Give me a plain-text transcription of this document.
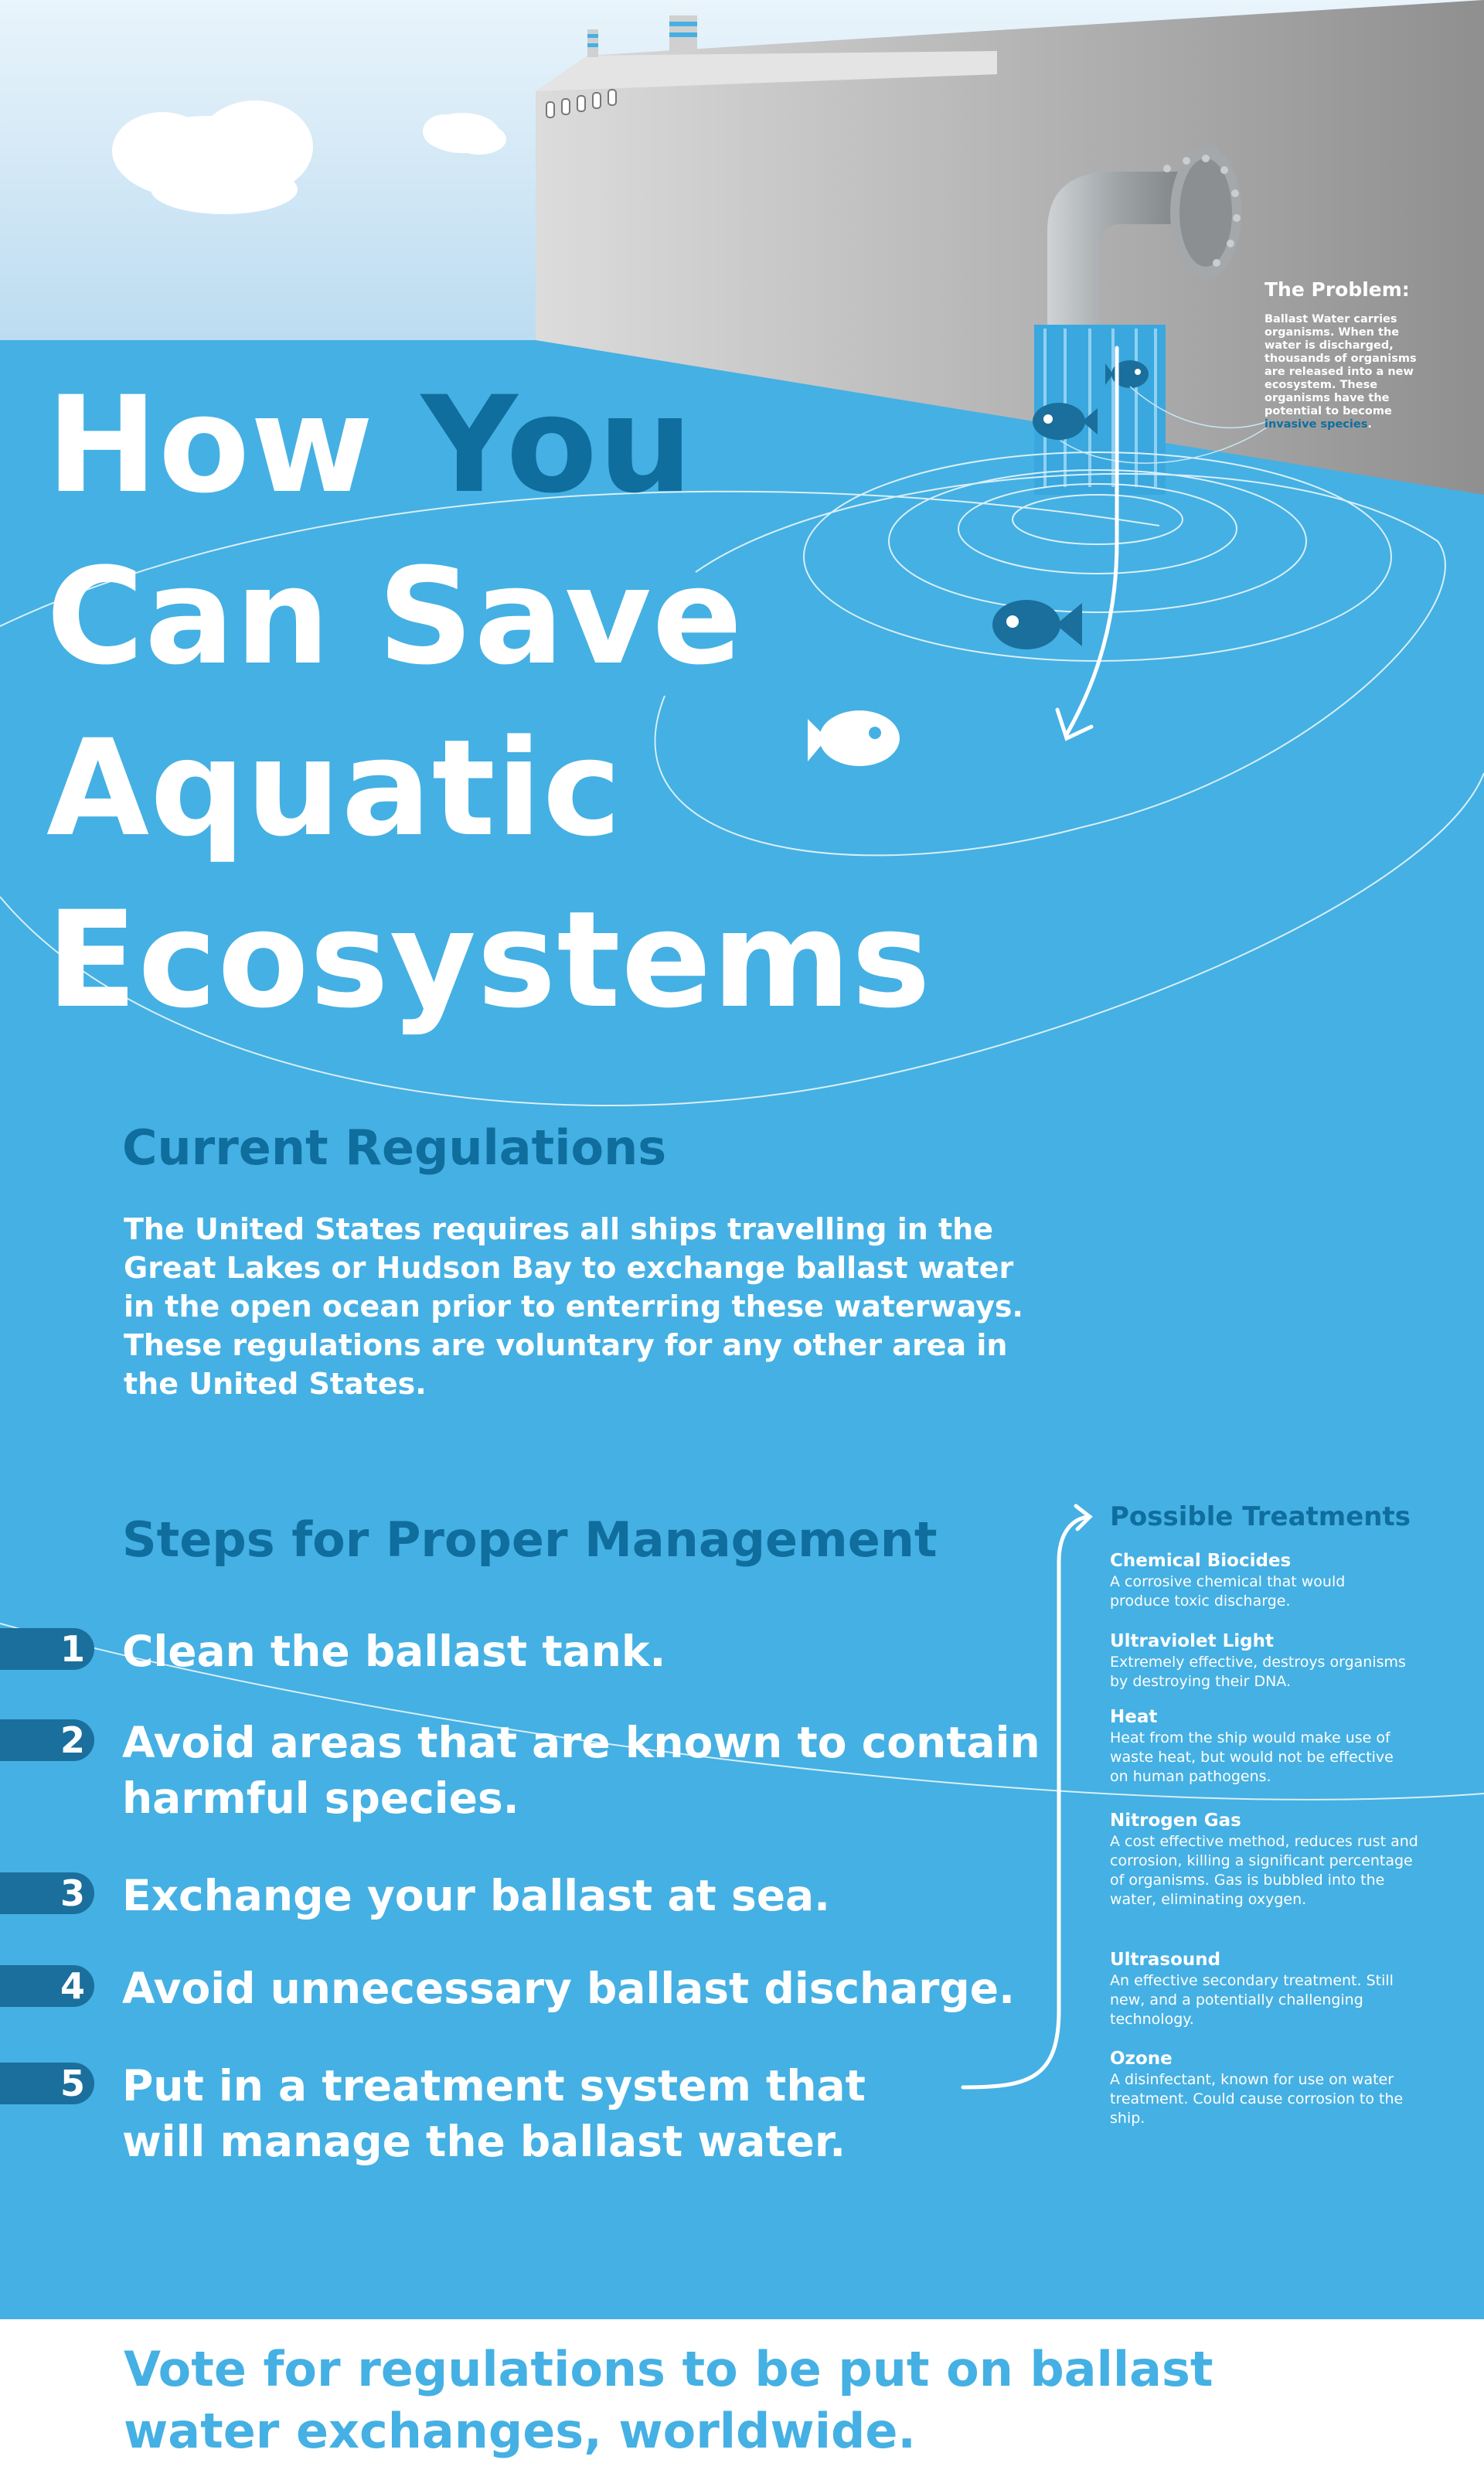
The Problem:
Ballast Water carries organisms. When the water is discharged, thousands of organisms are released into a new ecosystem. These organisms have the potential to become invasive species.
How You
Can Save
Aquatic
Ecosystems
Current Regulations
The United States requires all ships travelling in the Great Lakes or Hudson Bay to exchange ballast water in the open ocean prior to enterring these waterways. These regulations are voluntary for any other area in the United States.
Steps for Proper Management
1 Clean the ballast tank.
2 Avoid areas that are known to contain harmful species.
3 Exchange your ballast at sea.
4 Avoid unnecessary ballast discharge.
5 Put in a treatment system that will manage the ballast water.
Possible Treatments
Chemical Biocides
A corrosive chemical that would produce toxic discharge.
Ultraviolet Light
Extremely effective, destroys organisms by destroying their DNA.
Heat
Heat from the ship would make use of waste heat, but would not be effective on human pathogens.
Nitrogen Gas
A cost effective method, reduces rust and corrosion, killing a significant percentage of organisms. Gas is bubbled into the water, eliminating oxygen.
Ultrasound
An effective secondary treatment. Still new, and a potentially challenging technology.
Ozone
A disinfectant, known for use on water treatment. Could cause corrosion to the ship.
Vote for regulations to be put on ballast water exchanges, worldwide.
